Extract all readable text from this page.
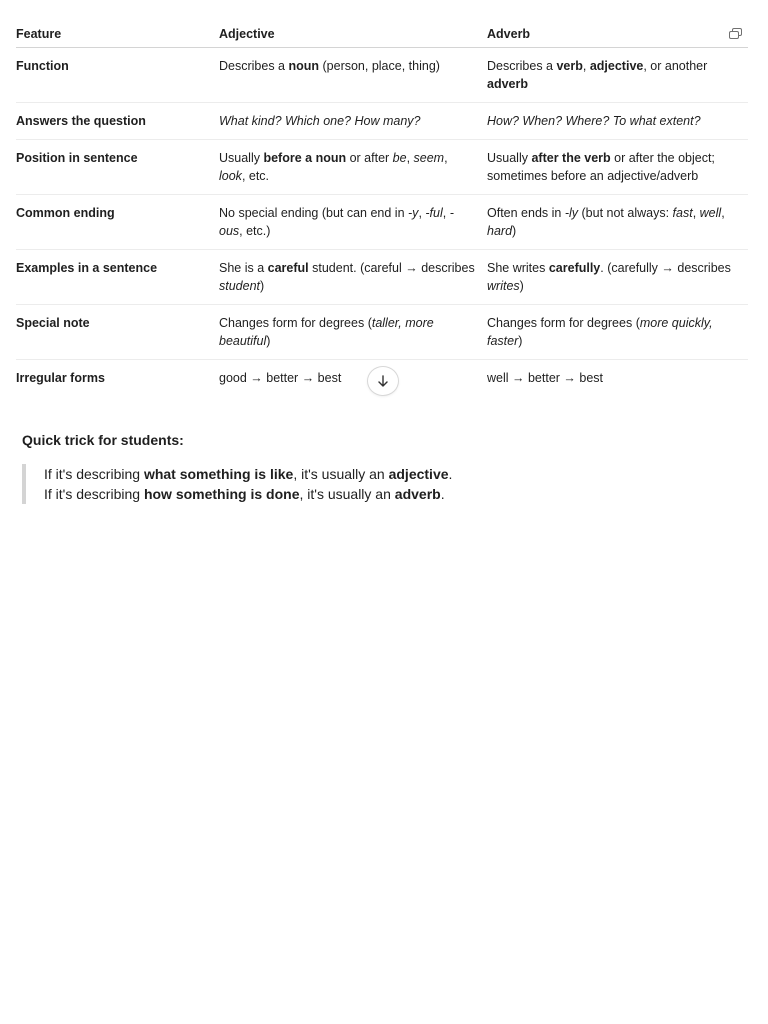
Feature	Adjective	Adverb

Function	Describes a noun (person, place, thing)	Describes a verb, adjective, or another adverb
Answers the question	What kind? Which one? How many?	How? When? Where? To what extent?
Position in sentence	Usually before a noun or after be, seem, look, etc.	Usually after the verb or after the object; sometimes before an adjective/adverb
Common ending	No special ending (but can end in -y, -ful, -ous, etc.)	Often ends in -ly (but not always: fast, well, hard)
Examples in a sentence	She is a careful student. (careful → describes student)	She writes carefully. (carefully → describes writes)
Special note	Changes form for degrees (taller, more beautiful)	Changes form for degrees (more quickly, faster)
Irregular forms	good → better → best	well → better → best
Quick trick for students:

If it's describing what something is like, it's usually an adjective.

If it's describing how something is done, it's usually an adverb.
